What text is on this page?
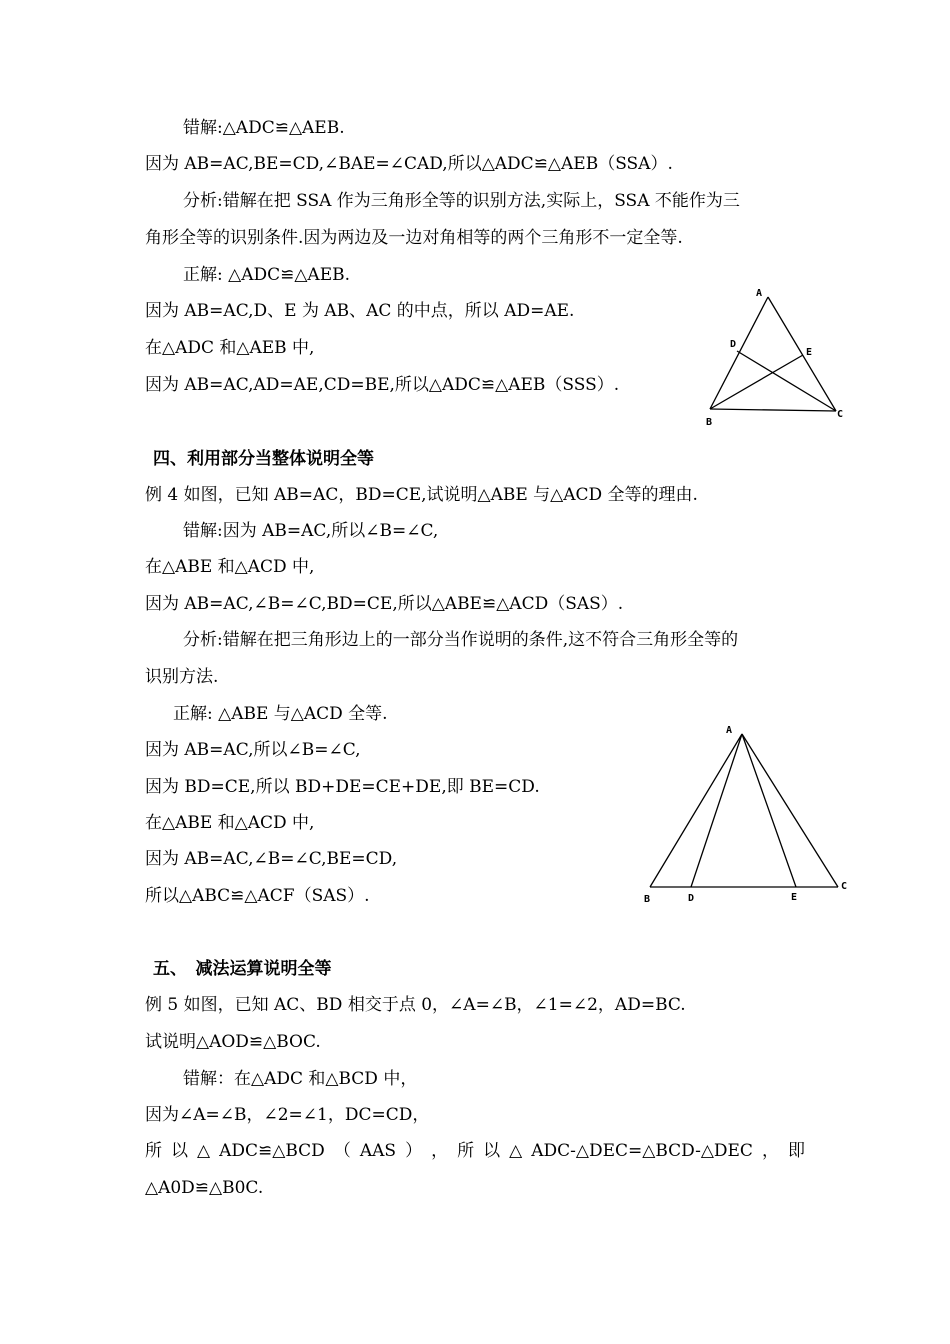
错解:△ADC≌△AEB.
因为 AB=AC,BE=CD,∠BAE=∠CAD,所以△ADC≌△AEB（SSA）.
分析:错解在把 SSA 作为三角形全等的识别方法,实际上，SSA 不能作为三
角形全等的识别条件.因为两边及一边对角相等的两个三角形不一定全等.
正解: △ADC≌△AEB.
因为 AB=AC,D、E 为 AB、AC 的中点，所以 AD=AE.
在△ADC 和△AEB 中,
因为 AB=AC,AD=AE,CD=BE,所以△ADC≌△AEB（SSS）.
四、利用部分当整体说明全等
例 4 如图，已知 AB=AC，BD=CE,试说明△ABE 与△ACD 全等的理由.
错解:因为 AB=AC,所以∠B=∠C,
在△ABE 和△ACD 中,
因为 AB=AC,∠B=∠C,BD=CE,所以△ABE≌△ACD（SAS）.
分析:错解在把三角形边上的一部分当作说明的条件,这不符合三角形全等的
识别方法.
正解: △ABE 与△ACD 全等.
因为 AB=AC,所以∠B=∠C,
因为 BD=CE,所以 BD+DE=CE+DE,即 BE=CD.
在△ABE 和△ACD 中,
因为 AB=AC,∠B=∠C,BE=CD,
所以△ABC≌△ACF（SAS）.
五、　减法运算说明全等
例 5 如图，已知 AC、BD 相交于点 0，∠A=∠B，∠1=∠2，AD=BC.
试说明△AOD≌△BOC.
错解：在△ADC 和△BCD 中，
因为∠A=∠B，∠2=∠1，DC=CD，
所 以 △ ADC≌△BCD （ AAS ） ， 所 以 △ ADC-△DEC=△BCD-△DEC ， 即
△A0D≌△B0C.
A
D
E
B
C
A
B	D	E
C
